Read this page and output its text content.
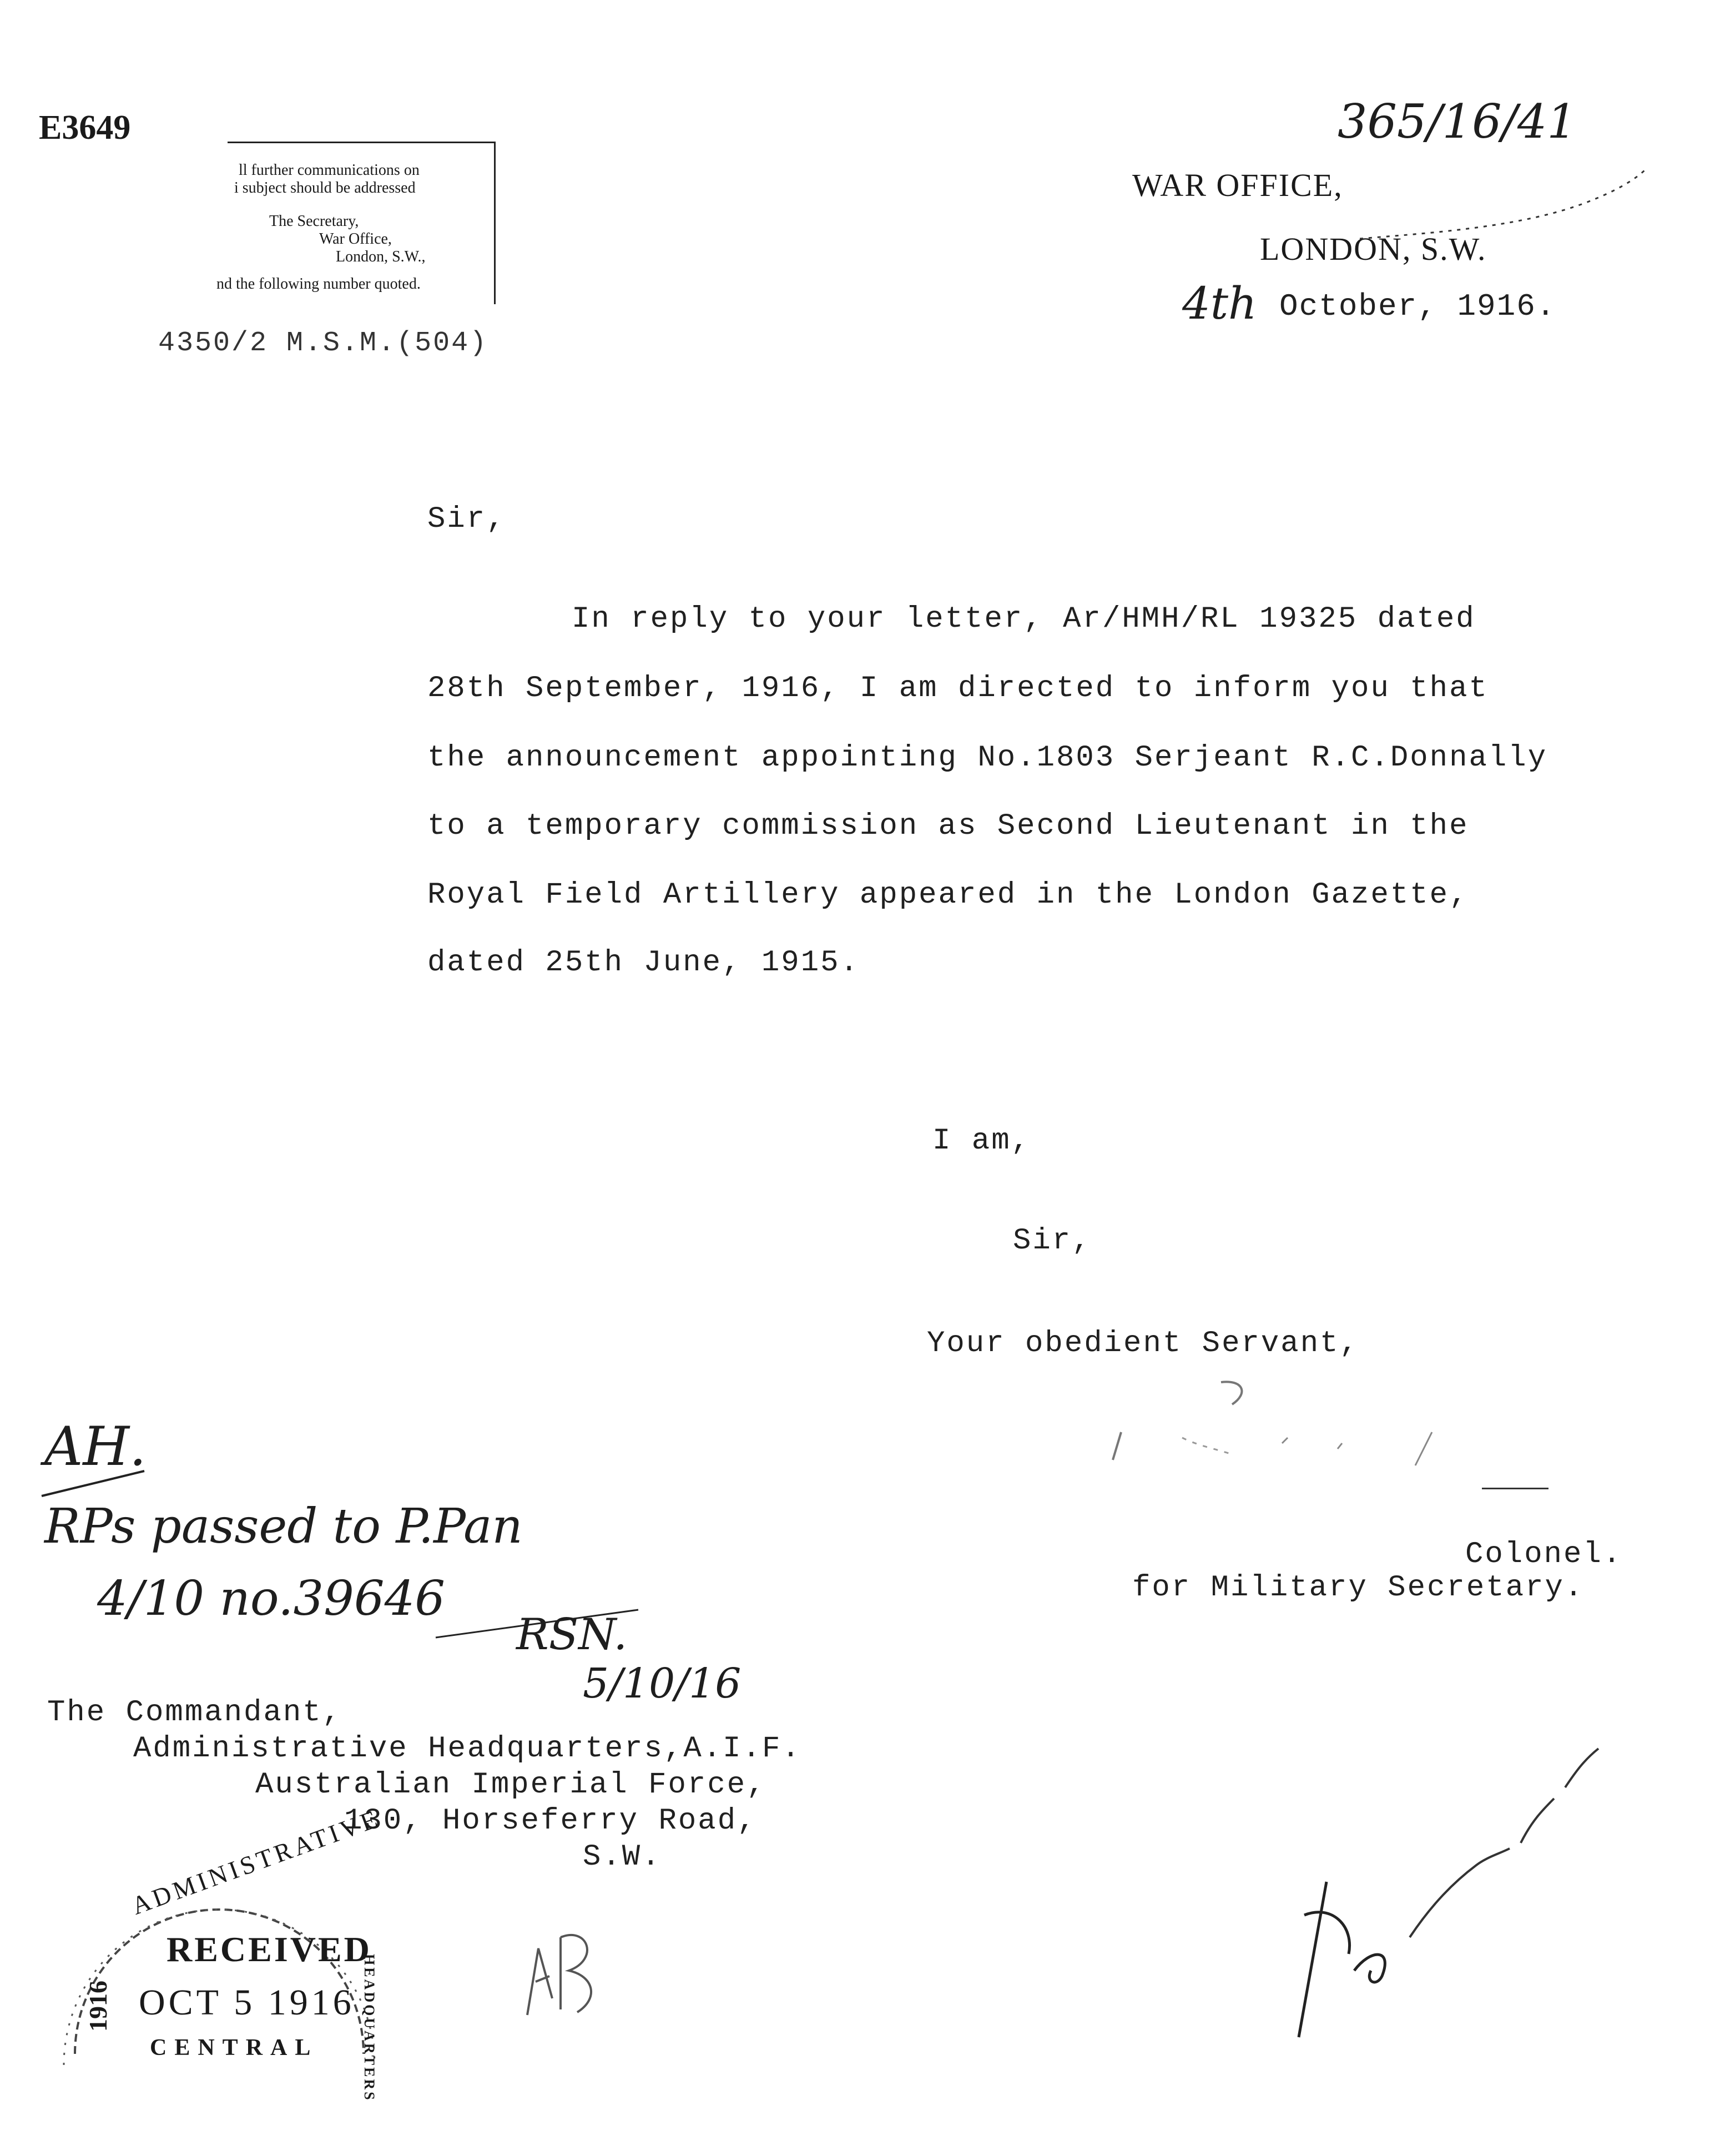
E3649
ll further communications on
i subject should be addressed
The Secretary,
War Office,
London, S.W.,
nd the following number quoted.
4350/2 M.S.M.(504)
365/16/41
WAR OFFICE,
LONDON, S.W.
4th October, 1916.
Sir,
In reply to your letter, Ar/HMH/RL 19325 dated
28th September, 1916, I am directed to inform you that
the announcement appointing No.1803 Serjeant R.C.Donnally
to a temporary commission as Second Lieutenant in the
Royal Field Artillery appeared in the London Gazette,
dated 25th June, 1915.
I am,
Sir,
Your obedient Servant,
Colonel.
for Military Secretary.
AH.
RPs passed to P.Pan
4/10 no.39646
RSN.
5/10/16
The Commandant,
Administrative Headquarters,A.I.F.
Australian Imperial Force,
130, Horseferry Road,
S.W.
ADMINISTRATIVE
RECEIVED
OCT 5 1916
CENTRAL
1916	HEADQUARTERS
